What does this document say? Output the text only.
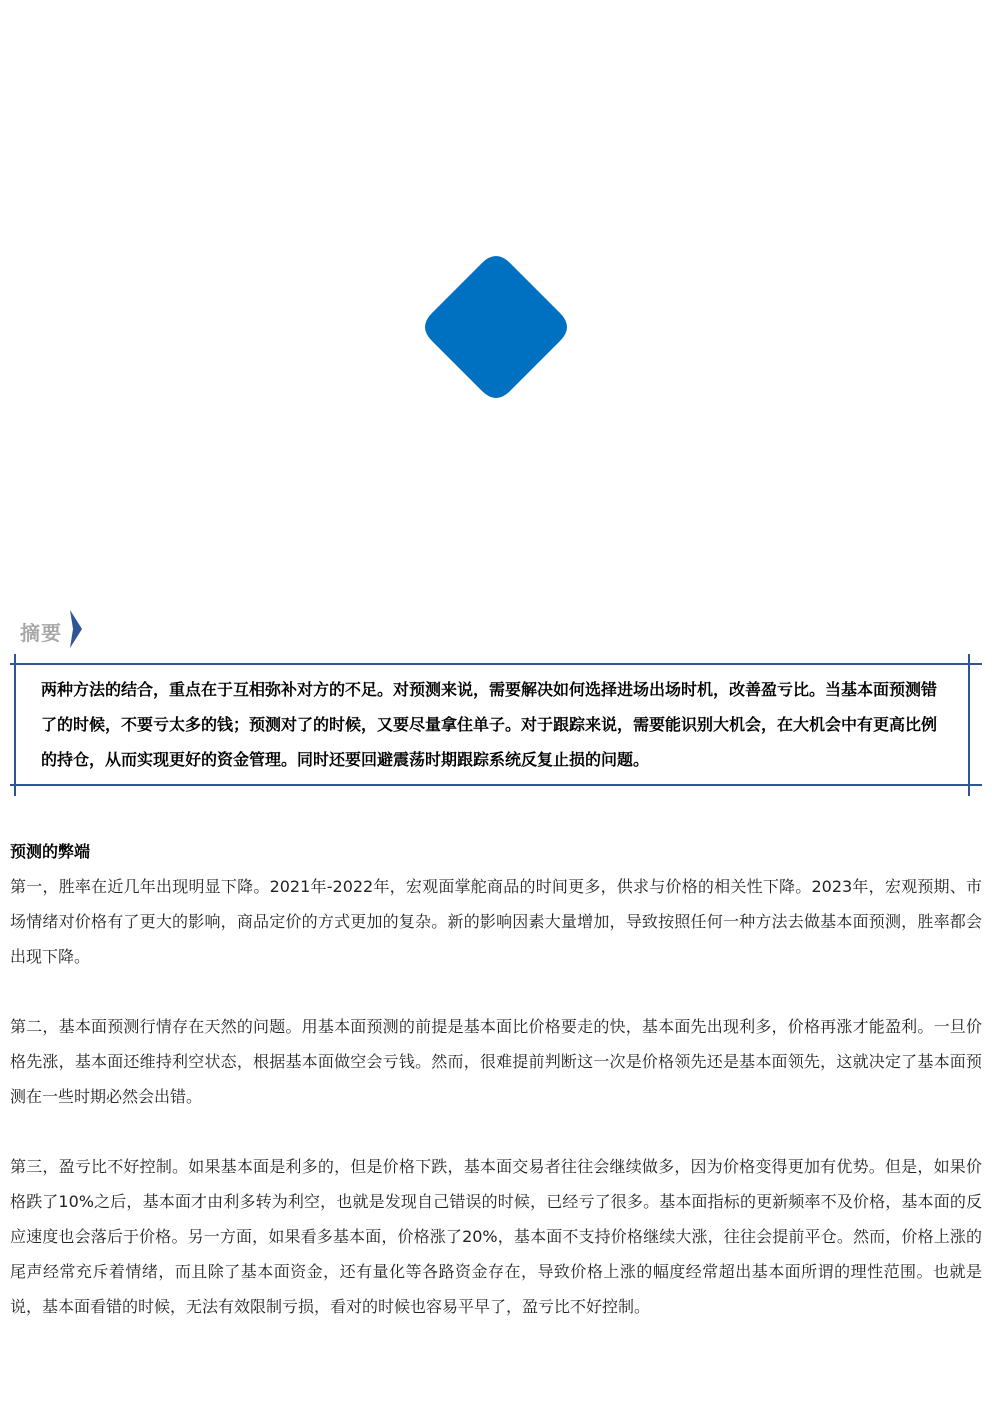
摘要

两种方法的结合，重点在于互相弥补对方的不足。对预测来说，需要解决如何选择进场出场时机，改善盈亏比。当基本面预测错了的时候，不要亏太多的钱；预测对了的时候，又要尽量拿住单子。对于跟踪来说，需要能识别大机会，在大机会中有更高比例的持仓，从而实现更好的资金管理。同时还要回避震荡时期跟踪系统反复止损的问题。

预测的弊端

第一，胜率在近几年出现明显下降。2021年-2022年，宏观面掌舵商品的时间更多，供求与价格的相关性下降。2023年，宏观预期、市场情绪对价格有了更大的影响，商品定价的方式更加的复杂。新的影响因素大量增加，导致按照任何一种方法去做基本面预测，胜率都会出现下降。

第二，基本面预测行情存在天然的问题。用基本面预测的前提是基本面比价格要走的快，基本面先出现利多，价格再涨才能盈利。一旦价格先涨，基本面还维持利空状态，根据基本面做空会亏钱。然而，很难提前判断这一次是价格领先还是基本面领先，这就决定了基本面预测在一些时期必然会出错。

第三，盈亏比不好控制。如果基本面是利多的，但是价格下跌，基本面交易者往往会继续做多，因为价格变得更加有优势。但是，如果价格跌了10%之后，基本面才由利多转为利空，也就是发现自己错误的时候，已经亏了很多。基本面指标的更新频率不及价格，基本面的反应速度也会落后于价格。另一方面，如果看多基本面，价格涨了20%，基本面不支持价格继续大涨，往往会提前平仓。然而，价格上涨的尾声经常充斥着情绪，而且除了基本面资金，还有量化等各路资金存在，导致价格上涨的幅度经常超出基本面所谓的理性范围。也就是说，基本面看错的时候，无法有效限制亏损，看对的时候也容易平早了，盈亏比不好控制。
